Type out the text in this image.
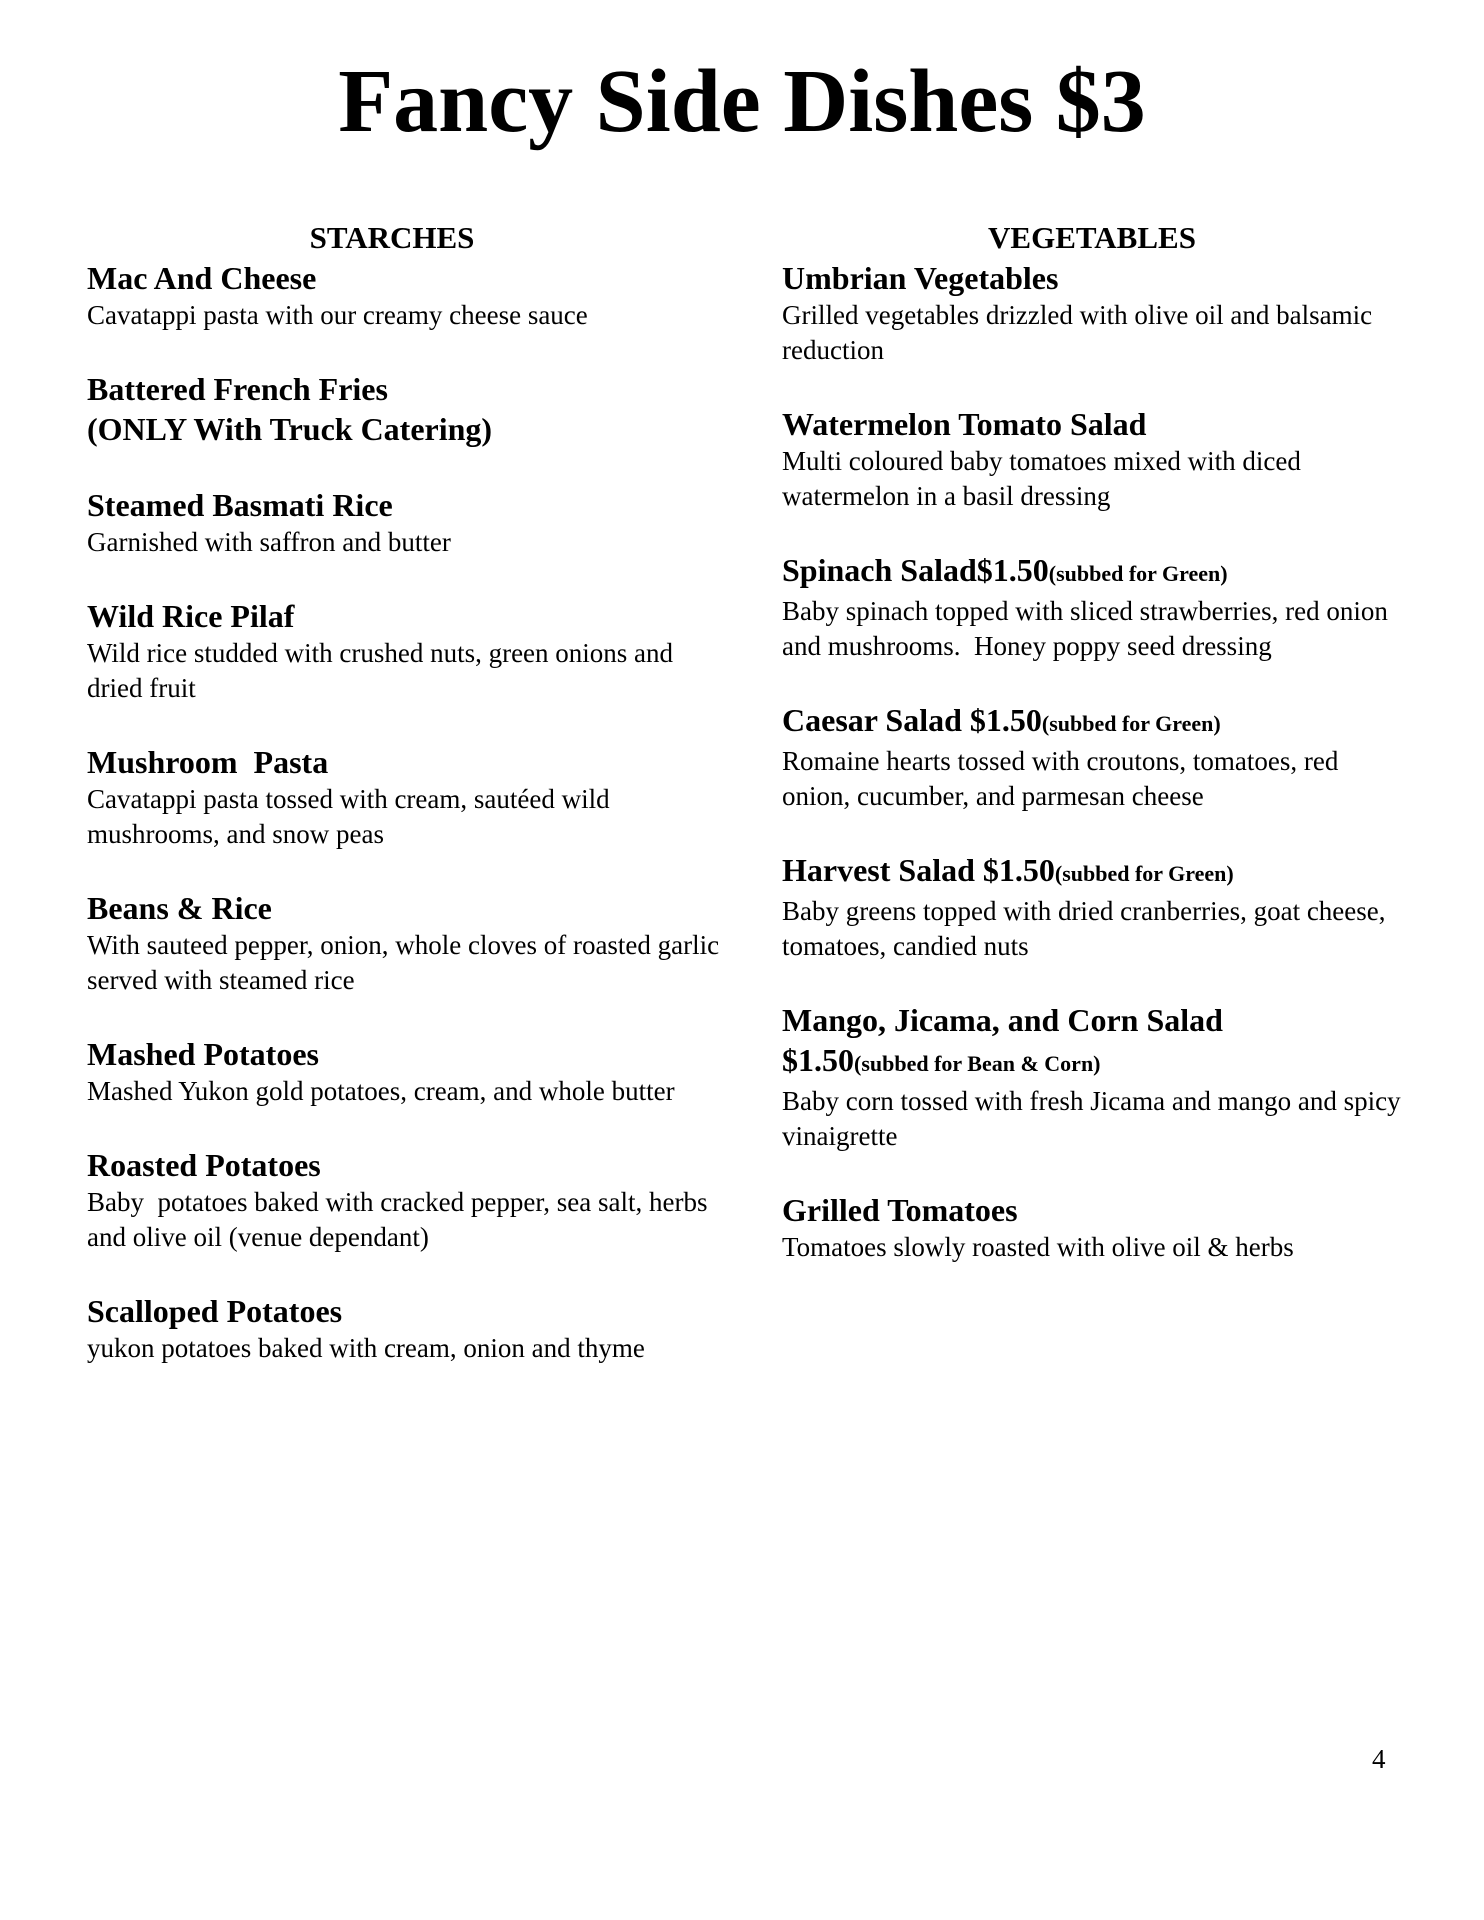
Fancy Side Dishes $3
STARCHES
Mac And Cheese
Cavatappi pasta with our creamy cheese sauce
Battered French Fries
(ONLY With Truck Catering)
Steamed Basmati Rice
Garnished with saffron and butter
Wild Rice Pilaf
Wild rice studded with crushed nuts, green onions and dried fruit
Mushroom  Pasta
Cavatappi pasta tossed with cream, sautéed wild mushrooms, and snow peas
Beans & Rice
With sauteed pepper, onion, whole cloves of roasted garlic served with steamed rice
Mashed Potatoes
Mashed Yukon gold potatoes, cream, and whole butter
Roasted Potatoes
Baby  potatoes baked with cracked pepper, sea salt, herbs and olive oil (venue dependant)
Scalloped Potatoes
yukon potatoes baked with cream, onion and thyme
VEGETABLES
Umbrian Vegetables
Grilled vegetables drizzled with olive oil and balsamic reduction
Watermelon Tomato Salad
Multi coloured baby tomatoes mixed with diced watermelon in a basil dressing
Spinach Salad$1.50(subbed for Green)
Baby spinach topped with sliced strawberries, red onion and mushrooms.  Honey poppy seed dressing
Caesar Salad $1.50(subbed for Green)
Romaine hearts tossed with croutons, tomatoes, red onion, cucumber, and parmesan cheese
Harvest Salad $1.50(subbed for Green)
Baby greens topped with dried cranberries, goat cheese, tomatoes, candied nuts
Mango, Jicama, and Corn Salad
$1.50(subbed for Bean & Corn)
Baby corn tossed with fresh Jicama and mango and spicy vinaigrette
Grilled Tomatoes
Tomatoes slowly roasted with olive oil & herbs
4
